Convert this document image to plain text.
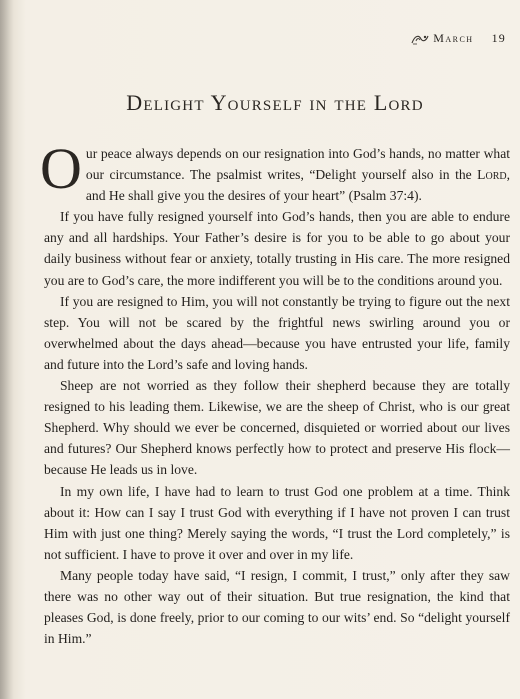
March 19
Delight Yourself in the Lord

Our peace always depends on our resignation into God’s hands, no matter what our circumstance. The psalmist writes, “Delight yourself also in the Lord, and He shall give you the desires of your heart” (Psalm 37:4).

If you have fully resigned yourself into God’s hands, then you are able to endure any and all hardships. Your Father’s desire is for you to be able to go about your daily business without fear or anxiety, totally trusting in His care. The more resigned you are to God’s care, the more indifferent you will be to the conditions around you.

If you are resigned to Him, you will not constantly be trying to figure out the next step. You will not be scared by the frightful news swirling around you or overwhelmed about the days ahead—because you have entrusted your life, family and future into the Lord’s safe and loving hands.

Sheep are not worried as they follow their shepherd because they are totally resigned to his leading them. Likewise, we are the sheep of Christ, who is our great Shepherd. Why should we ever be concerned, disquieted or worried about our lives and futures? Our Shepherd knows perfectly how to protect and preserve His flock—because He leads us in love.

In my own life, I have had to learn to trust God one problem at a time. Think about it: How can I say I trust God with everything if I have not proven I can trust Him with just one thing? Merely saying the words, “I trust the Lord completely,” is not sufficient. I have to prove it over and over in my life.

Many people today have said, “I resign, I commit, I trust,” only after they saw there was no other way out of their situation. But true resignation, the kind that pleases God, is done freely, prior to our coming to our wits’ end. So “delight yourself in Him.”
